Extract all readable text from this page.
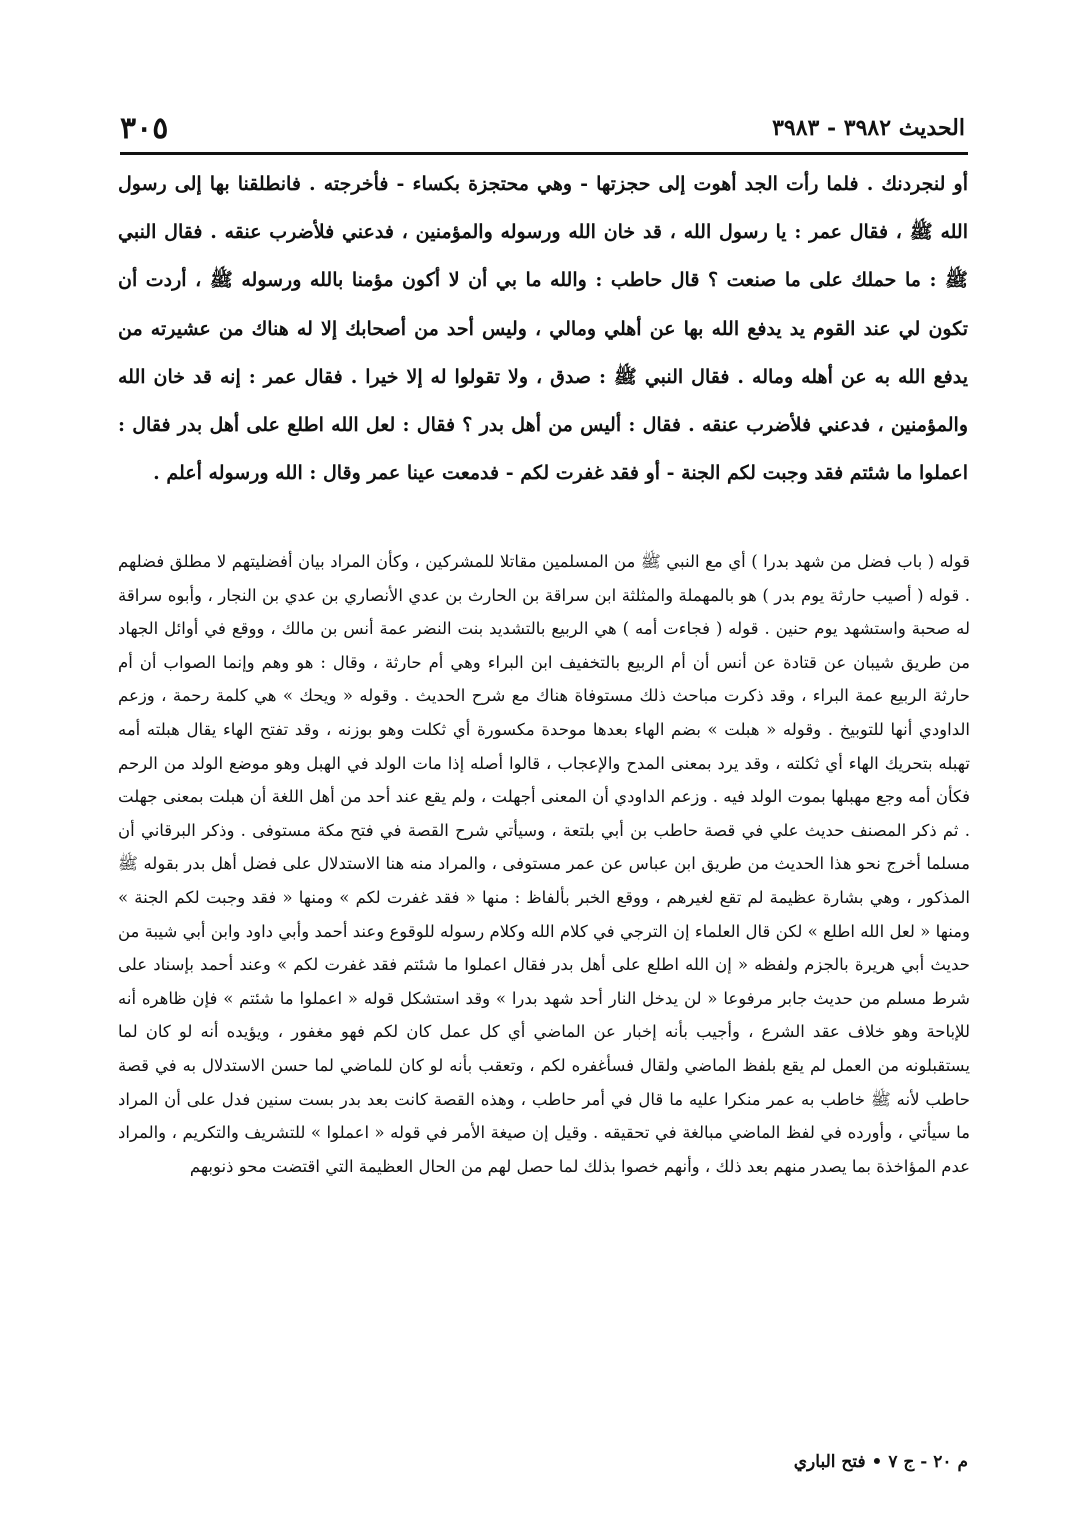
الحديث ٣٩٨٢ - ٣٩٨٣
٣٠٥

أو لنجردنك . فلما رأت الجد أهوت إلى حجزتها - وهي محتجزة بكساء - فأخرجته . فانطلقنا بها إلى رسول الله ﷺ ، فقال عمر : يا رسول الله ، قد خان الله ورسوله والمؤمنين ، فدعني فلأضرب عنقه . فقال النبي ﷺ : ما حملك على ما صنعت ؟ قال حاطب : والله ما بي أن لا أكون مؤمنا بالله ورسوله ﷺ ، أردت أن تكون لي عند القوم يد يدفع الله بها عن أهلي ومالي ، وليس أحد من أصحابك إلا له هناك من عشيرته من يدفع الله به عن أهله وماله . فقال النبي ﷺ : صدق ، ولا تقولوا له إلا خيرا . فقال عمر : إنه قد خان الله والمؤمنين ، فدعني فلأضرب عنقه . فقال : أليس من أهل بدر ؟ فقال : لعل الله اطلع على أهل بدر فقال : اعملوا ما شئتم فقد وجبت لكم الجنة - أو فقد غفرت لكم - فدمعت عينا عمر وقال : الله ورسوله أعلم .

قوله ( باب فضل من شهد بدرا ) أي مع النبي ﷺ من المسلمين مقاتلا للمشركين ، وكأن المراد بيان أفضليتهم لا مطلق فضلهم . قوله ( أصيب حارثة يوم بدر ) هو بالمهملة والمثلثة ابن سراقة بن الحارث بن عدي الأنصاري بن عدي بن النجار ، وأبوه سراقة له صحبة واستشهد يوم حنين . قوله ( فجاءت أمه ) هي الربيع بالتشديد بنت النضر عمة أنس بن مالك ، ووقع في أوائل الجهاد من طريق شيبان عن قتادة عن أنس أن أم الربيع بالتخفيف ابن البراء وهي أم حارثة ، وقال : هو وهم وإنما الصواب أن أم حارثة الربيع عمة البراء ، وقد ذكرت مباحث ذلك مستوفاة هناك مع شرح الحديث . وقوله « ويحك » هي كلمة رحمة ، وزعم الداودي أنها للتوبيخ . وقوله « هبلت » بضم الهاء بعدها موحدة مكسورة أي ثكلت وهو بوزنه ، وقد تفتح الهاء يقال هبلته أمه تهبله بتحريك الهاء أي ثكلته ، وقد يرد بمعنى المدح والإعجاب ، قالوا أصله إذا مات الولد في الهبل وهو موضع الولد من الرحم فكأن أمه وجع مهبلها بموت الولد فيه . وزعم الداودي أن المعنى أجهلت ، ولم يقع عند أحد من أهل اللغة أن هبلت بمعنى جهلت . ثم ذكر المصنف حديث علي في قصة حاطب بن أبي بلتعة ، وسيأتي شرح القصة في فتح مكة مستوفى . وذكر البرقاني أن مسلما أخرج نحو هذا الحديث من طريق ابن عباس عن عمر مستوفى ، والمراد منه هنا الاستدلال على فضل أهل بدر بقوله ﷺ المذكور ، وهي بشارة عظيمة لم تقع لغيرهم ، ووقع الخبر بألفاظ : منها « فقد غفرت لكم » ومنها « فقد وجبت لكم الجنة » ومنها « لعل الله اطلع » لكن قال العلماء إن الترجي في كلام الله وكلام رسوله للوقوع وعند أحمد وأبي داود وابن أبي شيبة من حديث أبي هريرة بالجزم ولفظه « إن الله اطلع على أهل بدر فقال اعملوا ما شئتم فقد غفرت لكم » وعند أحمد بإسناد على شرط مسلم من حديث جابر مرفوعا « لن يدخل النار أحد شهد بدرا » وقد استشكل قوله « اعملوا ما شئتم » فإن ظاهره أنه للإباحة وهو خلاف عقد الشرع ، وأجيب بأنه إخبار عن الماضي أي كل عمل كان لكم فهو مغفور ، ويؤيده أنه لو كان لما يستقبلونه من العمل لم يقع بلفظ الماضي ولقال فسأغفره لكم ، وتعقب بأنه لو كان للماضي لما حسن الاستدلال به في قصة حاطب لأنه ﷺ خاطب به عمر منكرا عليه ما قال في أمر حاطب ، وهذه القصة كانت بعد بدر بست سنين فدل على أن المراد ما سيأتي ، وأورده في لفظ الماضي مبالغة في تحقيقه . وقيل إن صيغة الأمر في قوله « اعملوا » للتشريف والتكريم ، والمراد عدم المؤاخذة بما يصدر منهم بعد ذلك ، وأنهم خصوا بذلك لما حصل لهم من الحال العظيمة التي اقتضت محو ذنوبهم

م ٢٠ - ج ٧ • فتح الباري
